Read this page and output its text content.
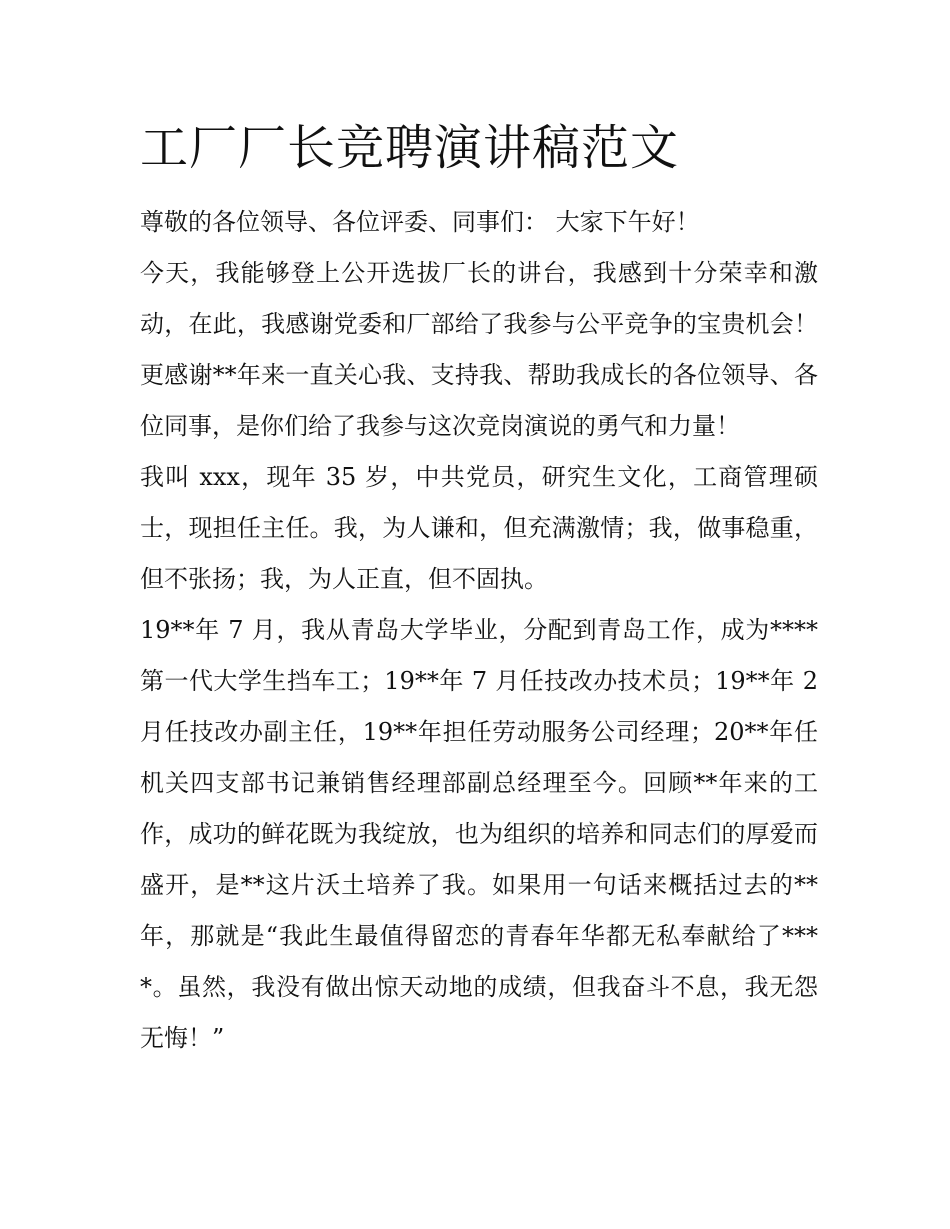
工厂厂长竞聘演讲稿范文

尊敬的各位领导、各位评委、同事们： 大家下午好！

今天，我能够登上公开选拔厂长的讲台，我感到十分荣幸和激动，在此，我感谢党委和厂部给了我参与公平竞争的宝贵机会！更感谢**年来一直关心我、支持我、帮助我成长的各位领导、各位同事，是你们给了我参与这次竞岗演说的勇气和力量！

我叫 xxx，现年 35 岁，中共党员，研究生文化，工商管理硕士，现担任主任。我，为人谦和，但充满激情；我，做事稳重，但不张扬；我，为人正直，但不固执。

19**年 7 月，我从青岛大学毕业，分配到青岛工作，成为****第一代大学生挡车工；19**年 7 月任技改办技术员；19**年 2 月任技改办副主任，19**年担任劳动服务公司经理；20**年任机关四支部书记兼销售经理部副总经理至今。回顾**年来的工作，成功的鲜花既为我绽放，也为组织的培养和同志们的厚爱而盛开，是**这片沃土培养了我。如果用一句话来概括过去的**年，那就是“我此生最值得留恋的青春年华都无私奉献给了****。虽然，我没有做出惊天动地的成绩，但我奋斗不息，我无怨无悔！”
